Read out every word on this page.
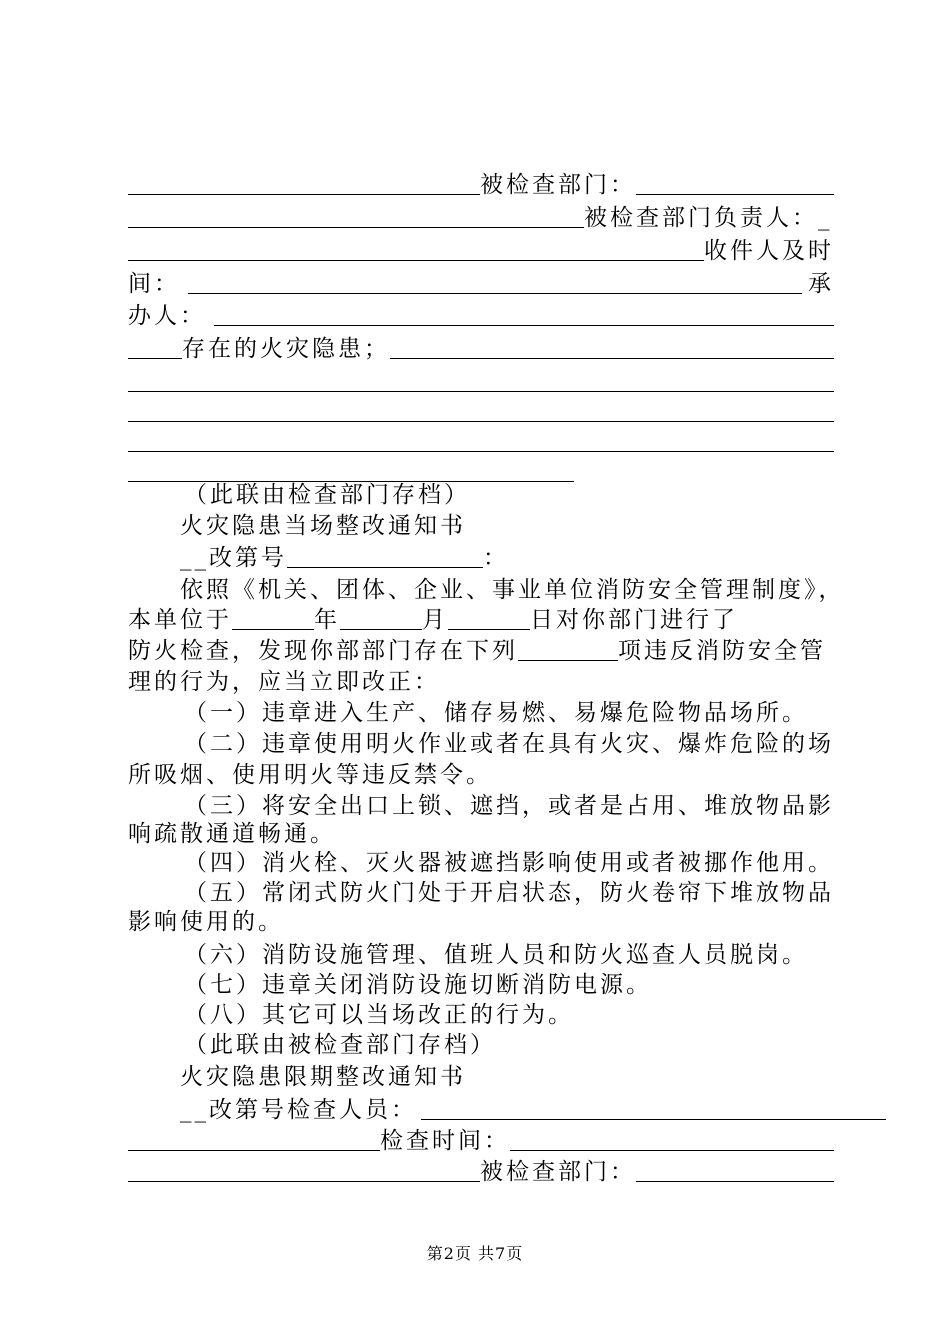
被检查部门：
被检查部门负责人：_
收件人及时
间：	承
办人：
存在的火灾隐患；
（此联由检查部门存档）
火灾隐患当场整改通知书
__改第号	：
依照《机关、团体、企业、事业单位消防安全管理制度》，
本单位于	年	月	日对你部门进行了
防火检查，发现你部部门存在下列	项违反消防安全管
理的行为，应当立即改正：
（一）违章进入生产、储存易燃、易爆危险物品场所。
（二）违章使用明火作业或者在具有火灾、爆炸危险的场
所吸烟、使用明火等违反禁令。
（三）将安全出口上锁、遮挡，或者是占用、堆放物品影
响疏散通道畅通。
（四）消火栓、灭火器被遮挡影响使用或者被挪作他用。
（五）常闭式防火门处于开启状态，防火卷帘下堆放物品
影响使用的。
（六）消防设施管理、值班人员和防火巡查人员脱岗。
（七）违章关闭消防设施切断消防电源。
（八）其它可以当场改正的行为。
（此联由被检查部门存档）
火灾隐患限期整改通知书
__改第号检查人员：
检查时间：
被检查部门：
第2页 共7页
